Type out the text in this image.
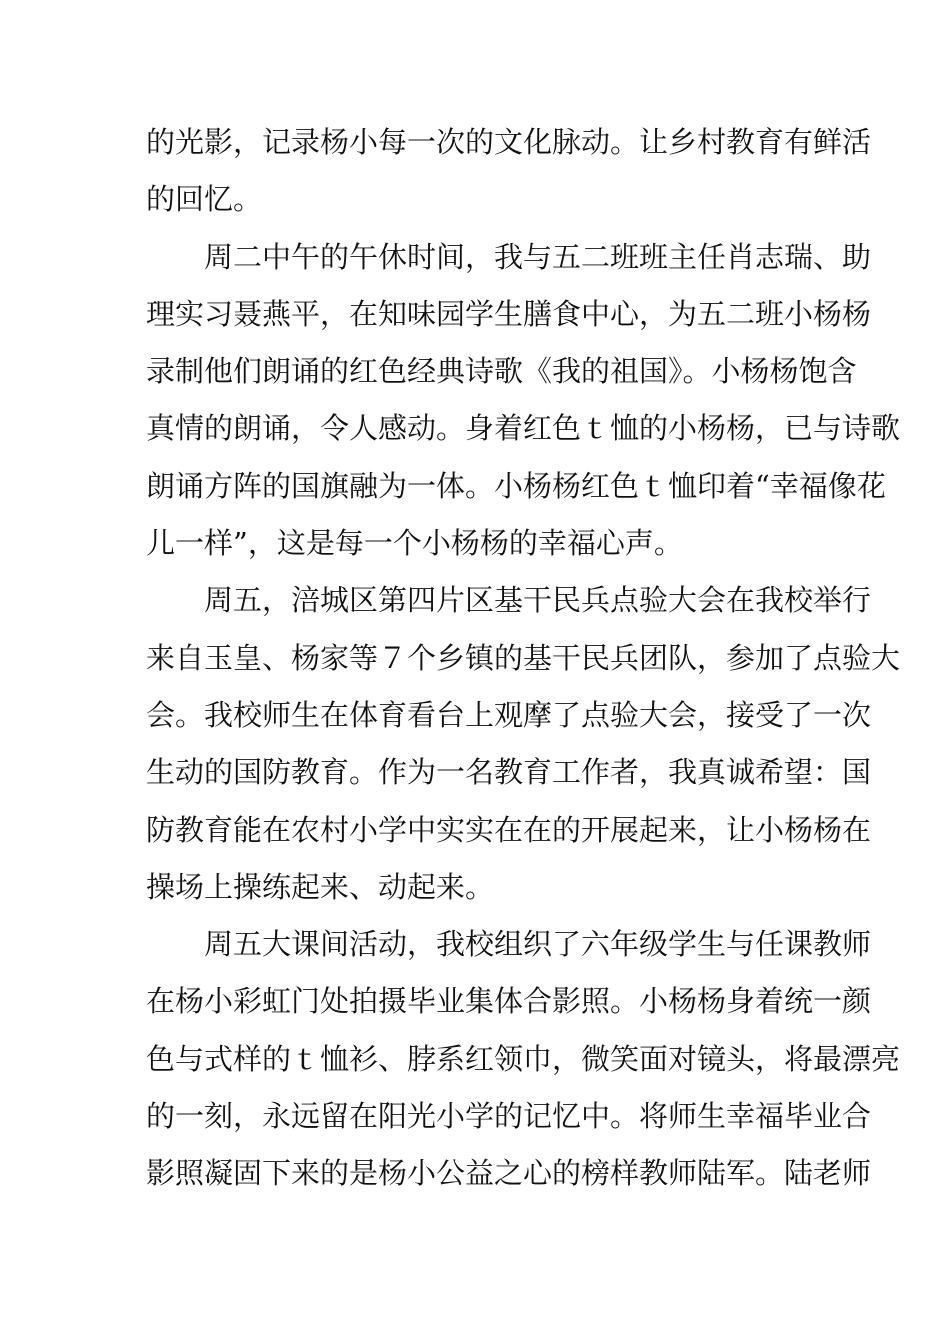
的光影，记录杨小每一次的文化脉动。让乡村教育有鲜活
的回忆。
周二中午的午休时间，我与五二班班主任肖志瑞、助
理实习聂燕平，在知味园学生膳食中心，为五二班小杨杨
录制他们朗诵的红色经典诗歌《我的祖国》。小杨杨饱含
真情的朗诵，令人感动。身着红色ｔ恤的小杨杨，已与诗歌
朗诵方阵的国旗融为一体。小杨杨红色ｔ恤印着“幸福像花
儿一样”，这是每一个小杨杨的幸福心声。
周五，涪城区第四片区基干民兵点验大会在我校举行
来自玉皇、杨家等７个乡镇的基干民兵团队，参加了点验大
会。我校师生在体育看台上观摩了点验大会，接受了一次
生动的国防教育。作为一名教育工作者，我真诚希望：国
防教育能在农村小学中实实在在的开展起来，让小杨杨在
操场上操练起来、动起来。
周五大课间活动，我校组织了六年级学生与任课教师
在杨小彩虹门处拍摄毕业集体合影照。小杨杨身着统一颜
色与式样的ｔ恤衫、脖系红领巾，微笑面对镜头，将最漂亮
的一刻，永远留在阳光小学的记忆中。将师生幸福毕业合
影照凝固下来的是杨小公益之心的榜样教师陆军。陆老师
